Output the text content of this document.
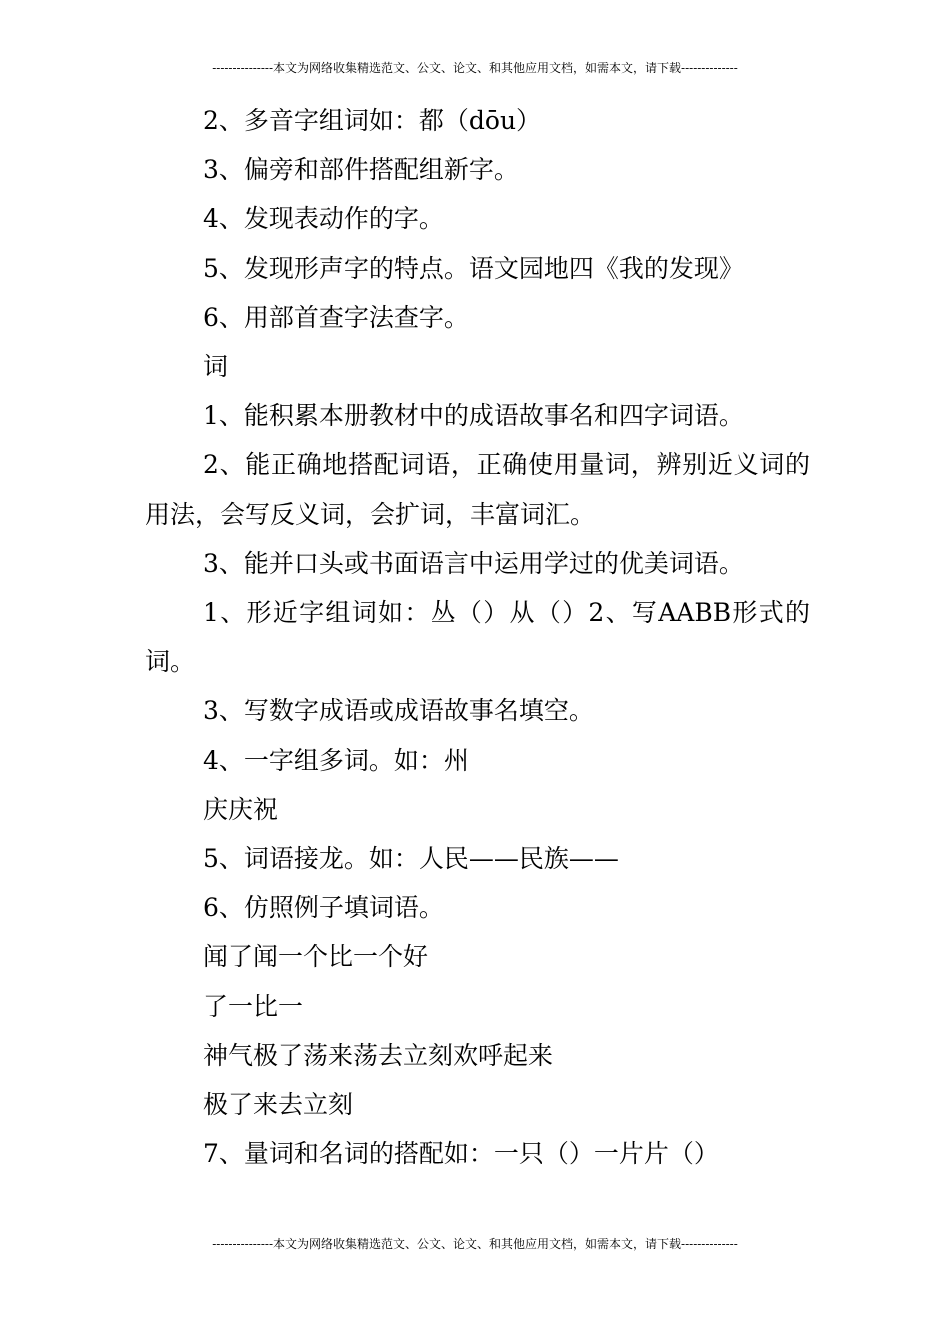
---------------本文为网络收集精选范文、公文、论文、和其他应用文档，如需本文，请下载--------------

2、多音字组词如：都（dōu）

3、偏旁和部件搭配组新字。

4、发现表动作的字。

5、发现形声字的特点。语文园地四《我的发现》

6、用部首查字法查字。

词

1、能积累本册教材中的成语故事名和四字词语。

2、能正确地搭配词语，正确使用量词，辨别近义词的用法，会写反义词，会扩词，丰富词汇。

3、能并口头或书面语言中运用学过的优美词语。

1、形近字组词如：丛（）从（）2、写AABB形式的词。

3、写数字成语或成语故事名填空。

4、一字组多词。如：州

庆庆祝

5、词语接龙。如：人民——民族——

6、仿照例子填词语。

闻了闻一个比一个好

了一比一

神气极了荡来荡去立刻欢呼起来

极了来去立刻

7、量词和名词的搭配如：一只（）一片片（）

---------------本文为网络收集精选范文、公文、论文、和其他应用文档，如需本文，请下载--------------
